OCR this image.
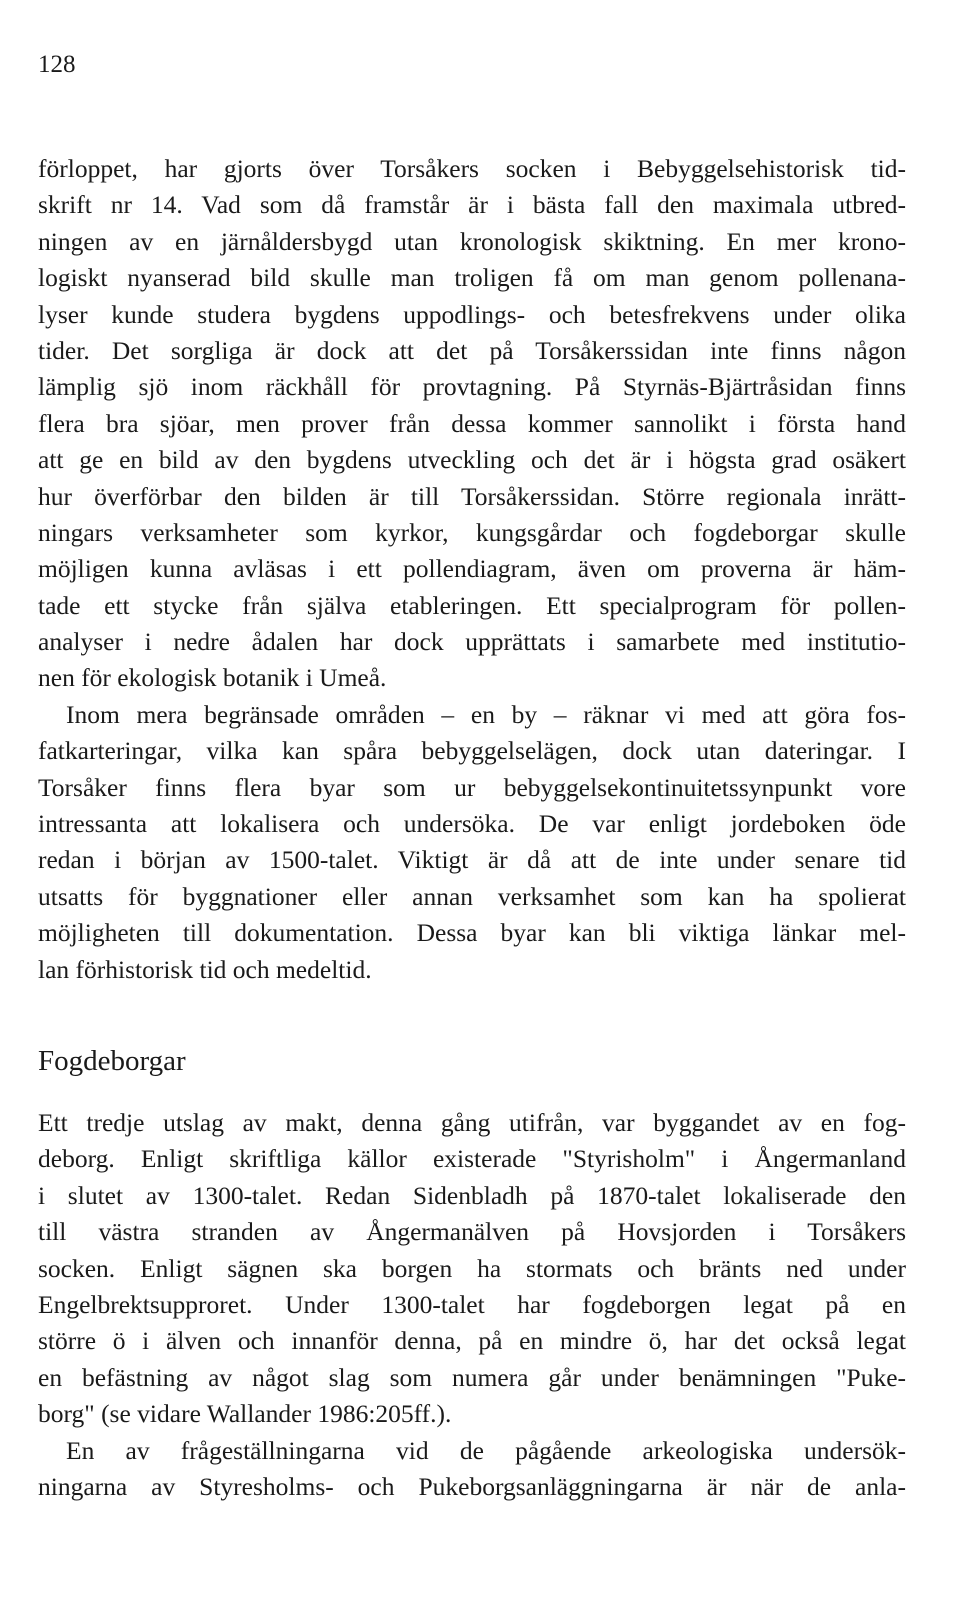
128
förloppet, har gjorts över Torsåkers socken i Bebyggelsehistorisk tid-
skrift nr 14. Vad som då framstår är i bästa fall den maximala utbred-
ningen av en järnåldersbygd utan kronologisk skiktning. En mer krono-
logiskt nyanserad bild skulle man troligen få om man genom pollenana-
lyser kunde studera bygdens uppodlings- och betesfrekvens under olika
tider. Det sorgliga är dock att det på Torsåkerssidan inte finns någon
lämplig sjö inom räckhåll för provtagning. På Styrnäs-Bjärtråsidan finns
flera bra sjöar, men prover från dessa kommer sannolikt i första hand
att ge en bild av den bygdens utveckling och det är i högsta grad osäkert
hur överförbar den bilden är till Torsåkerssidan. Större regionala inrätt-
ningars verksamheter som kyrkor, kungsgårdar och fogdeborgar skulle
möjligen kunna avläsas i ett pollendiagram, även om proverna är häm-
tade ett stycke från själva etableringen. Ett specialprogram för pollen-
analyser i nedre ådalen har dock upprättats i samarbete med institutio-
nen för ekologisk botanik i Umeå.
Inom mera begränsade områden – en by – räknar vi med att göra fos-
fatkarteringar, vilka kan spåra bebyggelselägen, dock utan dateringar. I
Torsåker finns flera byar som ur bebyggelsekontinuitetssynpunkt vore
intressanta att lokalisera och undersöka. De var enligt jordeboken öde
redan i början av 1500-talet. Viktigt är då att de inte under senare tid
utsatts för byggnationer eller annan verksamhet som kan ha spolierat
möjligheten till dokumentation. Dessa byar kan bli viktiga länkar mel-
lan förhistorisk tid och medeltid.
Fogdeborgar
Ett tredje utslag av makt, denna gång utifrån, var byggandet av en fog-
deborg. Enligt skriftliga källor existerade "Styrisholm" i Ångermanland
i slutet av 1300-talet. Redan Sidenbladh på 1870-talet lokaliserade den
till västra stranden av Ångermanälven på Hovsjorden i Torsåkers
socken. Enligt sägnen ska borgen ha stormats och bränts ned under
Engelbrektsupproret. Under 1300-talet har fogdeborgen legat på en
större ö i älven och innanför denna, på en mindre ö, har det också legat
en befästning av något slag som numera går under benämningen "Puke-
borg" (se vidare Wallander 1986:205ff.).
En av frågeställningarna vid de pågående arkeologiska undersök-
ningarna av Styresholms- och Pukeborgsanläggningarna är när de anla-
